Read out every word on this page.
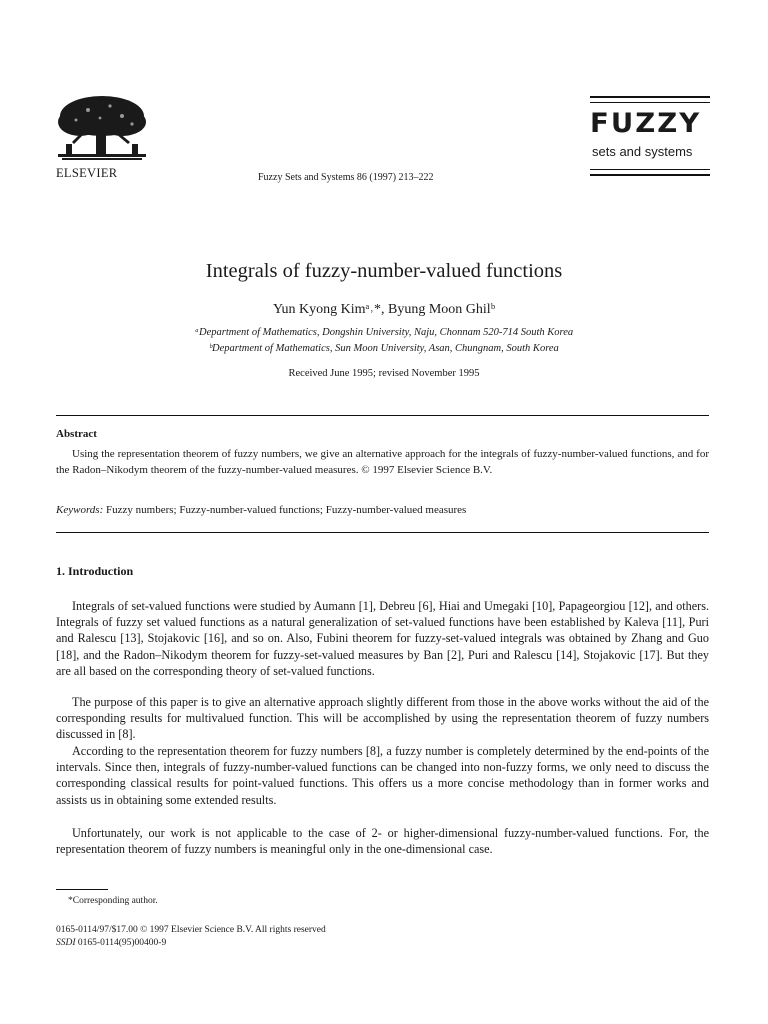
ELSEVIER	Fuzzy Sets and Systems 86 (1997) 213–222
FUZZY
sets and systems
Integrals of fuzzy-number-valued functions
Yun Kyong Kimᵃ˒*, Byung Moon Ghilᵇ
ᵃDepartment of Mathematics, Dongshin University, Naju, Chonnam 520-714 South Korea
ᵇDepartment of Mathematics, Sun Moon University, Asan, Chungnam, South Korea
Received June 1995; revised November 1995
Abstract
Using the representation theorem of fuzzy numbers, we give an alternative approach for the integrals of fuzzy-number-valued functions, and for the Radon–Nikodym theorem of the fuzzy-number-valued measures. © 1997 Elsevier Science B.V.
Keywords: Fuzzy numbers; Fuzzy-number-valued functions; Fuzzy-number-valued measures
1. Introduction
Integrals of set-valued functions were studied by Aumann [1], Debreu [6], Hiai and Umegaki [10], Papageorgiou [12], and others. Integrals of fuzzy set valued functions as a natural generalization of set-valued functions have been established by Kaleva [11], Puri and Ralescu [13], Stojakovic [16], and so on. Also, Fubini theorem for fuzzy-set-valued integrals was obtained by Zhang and Guo [18], and the Radon–Nikodym theorem for fuzzy-set-valued measures by Ban [2], Puri and Ralescu [14], Stojakovic [17]. But they are all based on the corresponding theory of set-valued functions.
The purpose of this paper is to give an alternative approach slightly different from those in the above works without the aid of the corresponding results for multivalued function. This will be accomplished by using the representation theorem of fuzzy numbers discussed in [8].
According to the representation theorem for fuzzy numbers [8], a fuzzy number is completely determined by the end-points of the intervals. Since then, integrals of fuzzy-number-valued functions can be changed into non-fuzzy forms, we only need to discuss the corresponding classical results for point-valued functions. This offers us a more concise methodology than in former works and assists us in obtaining some extended results.
Unfortunately, our work is not applicable to the case of 2- or higher-dimensional fuzzy-number-valued functions. For, the representation theorem of fuzzy numbers is meaningful only in the one-dimensional case.
*Corresponding author.
0165-0114/97/$17.00 © 1997 Elsevier Science B.V. All rights reserved
SSDI 0165-0114(95)00400-9
